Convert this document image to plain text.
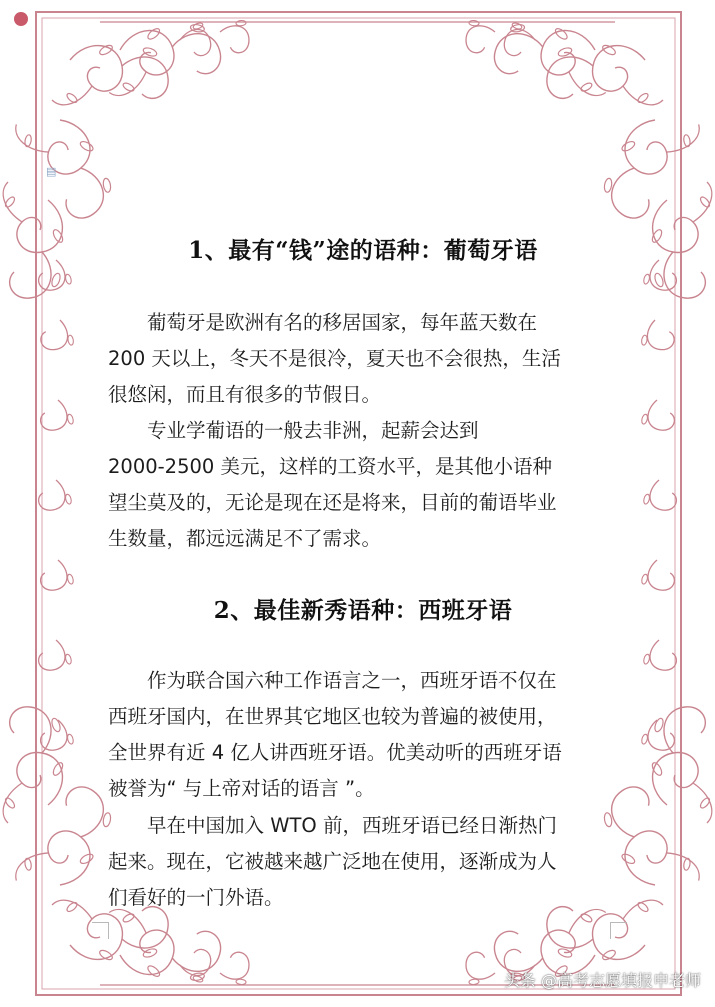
▤
1、最有“钱”途的语种：葡萄牙语
葡萄牙是欧洲有名的移居国家，每年蓝天数在
200 天以上，冬天不是很冷，夏天也不会很热，生活
很悠闲，而且有很多的节假日。
专业学葡语的一般去非洲，起薪会达到
2000-2500 美元，这样的工资水平，是其他小语种
望尘莫及的，无论是现在还是将来，目前的葡语毕业
生数量，都远远满足不了需求。
2、最佳新秀语种：西班牙语
作为联合国六种工作语言之一，西班牙语不仅在
西班牙国内，在世界其它地区也较为普遍的被使用，
全世界有近 4 亿人讲西班牙语。优美动听的西班牙语
被誉为“ 与上帝对话的语言 ”。
早在中国加入 WTO 前，西班牙语已经日渐热门
起来。现在，它被越来越广泛地在使用，逐渐成为人
们看好的一门外语。
头条 @高考志愿填报申老师
